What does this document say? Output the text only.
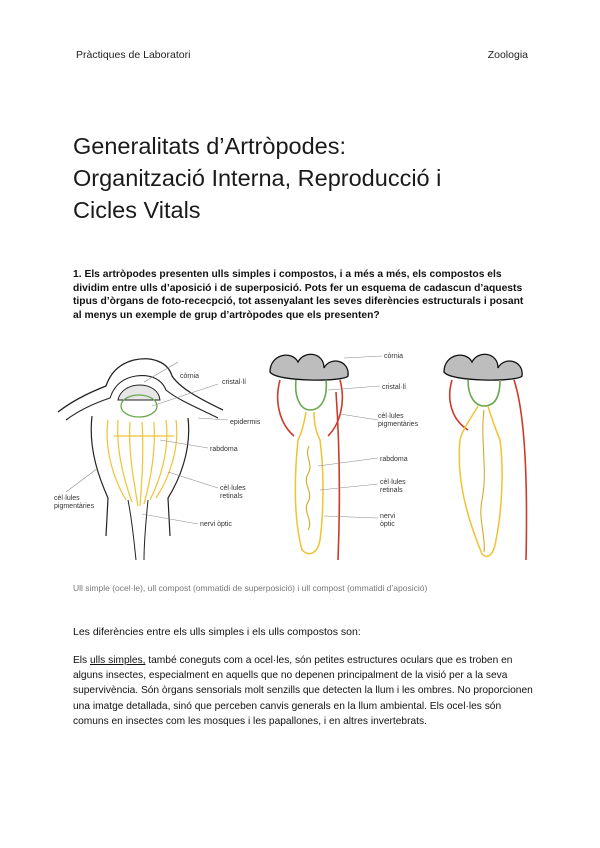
Pràctiques de Laboratori	Zoologia
Generalitats d’Artròpodes:
Organització Interna, Reproducció i
Cicles Vitals
1. Els artròpodes presenten ulls simples i compostos, i a més a més, els compostos els dividim entre ulls d’aposició i de superposició. Pots fer un esquema de cadascun d’aquests tipus d’òrgans de foto-rececpció, tot assenyalant les seves diferències estructurals i posant al menys un exemple de grup d’artròpodes que els presenten?
còrnia
cristal·lí
epidermis
rabdoma
cèl·lules
pigmentàries
cèl·lules
retinals
nervi òptic
còrnia
cristal·lí
cèl·lules
pigmentàries
rabdoma
cèl·lules
retinals
nervi
òptic
Ull simple (ocel·le), ull compost (ommatidi de superposició) i ull compost (ommatidi d’aposició)
Les diferències entre els ulls simples i els ulls compostos son:
Els ulls simples, també coneguts com a ocel·les, són petites estructures oculars que es troben en alguns insectes, especialment en aquells que no depenen principalment de la visió per a la seva supervivència. Són òrgans sensorials molt senzills que detecten la llum i les ombres. No proporcionen una imatge detallada, sinó que perceben canvis generals en la llum ambiental. Els ocel·les són comuns en insectes com les mosques i les papallones, i en altres invertebrats.
